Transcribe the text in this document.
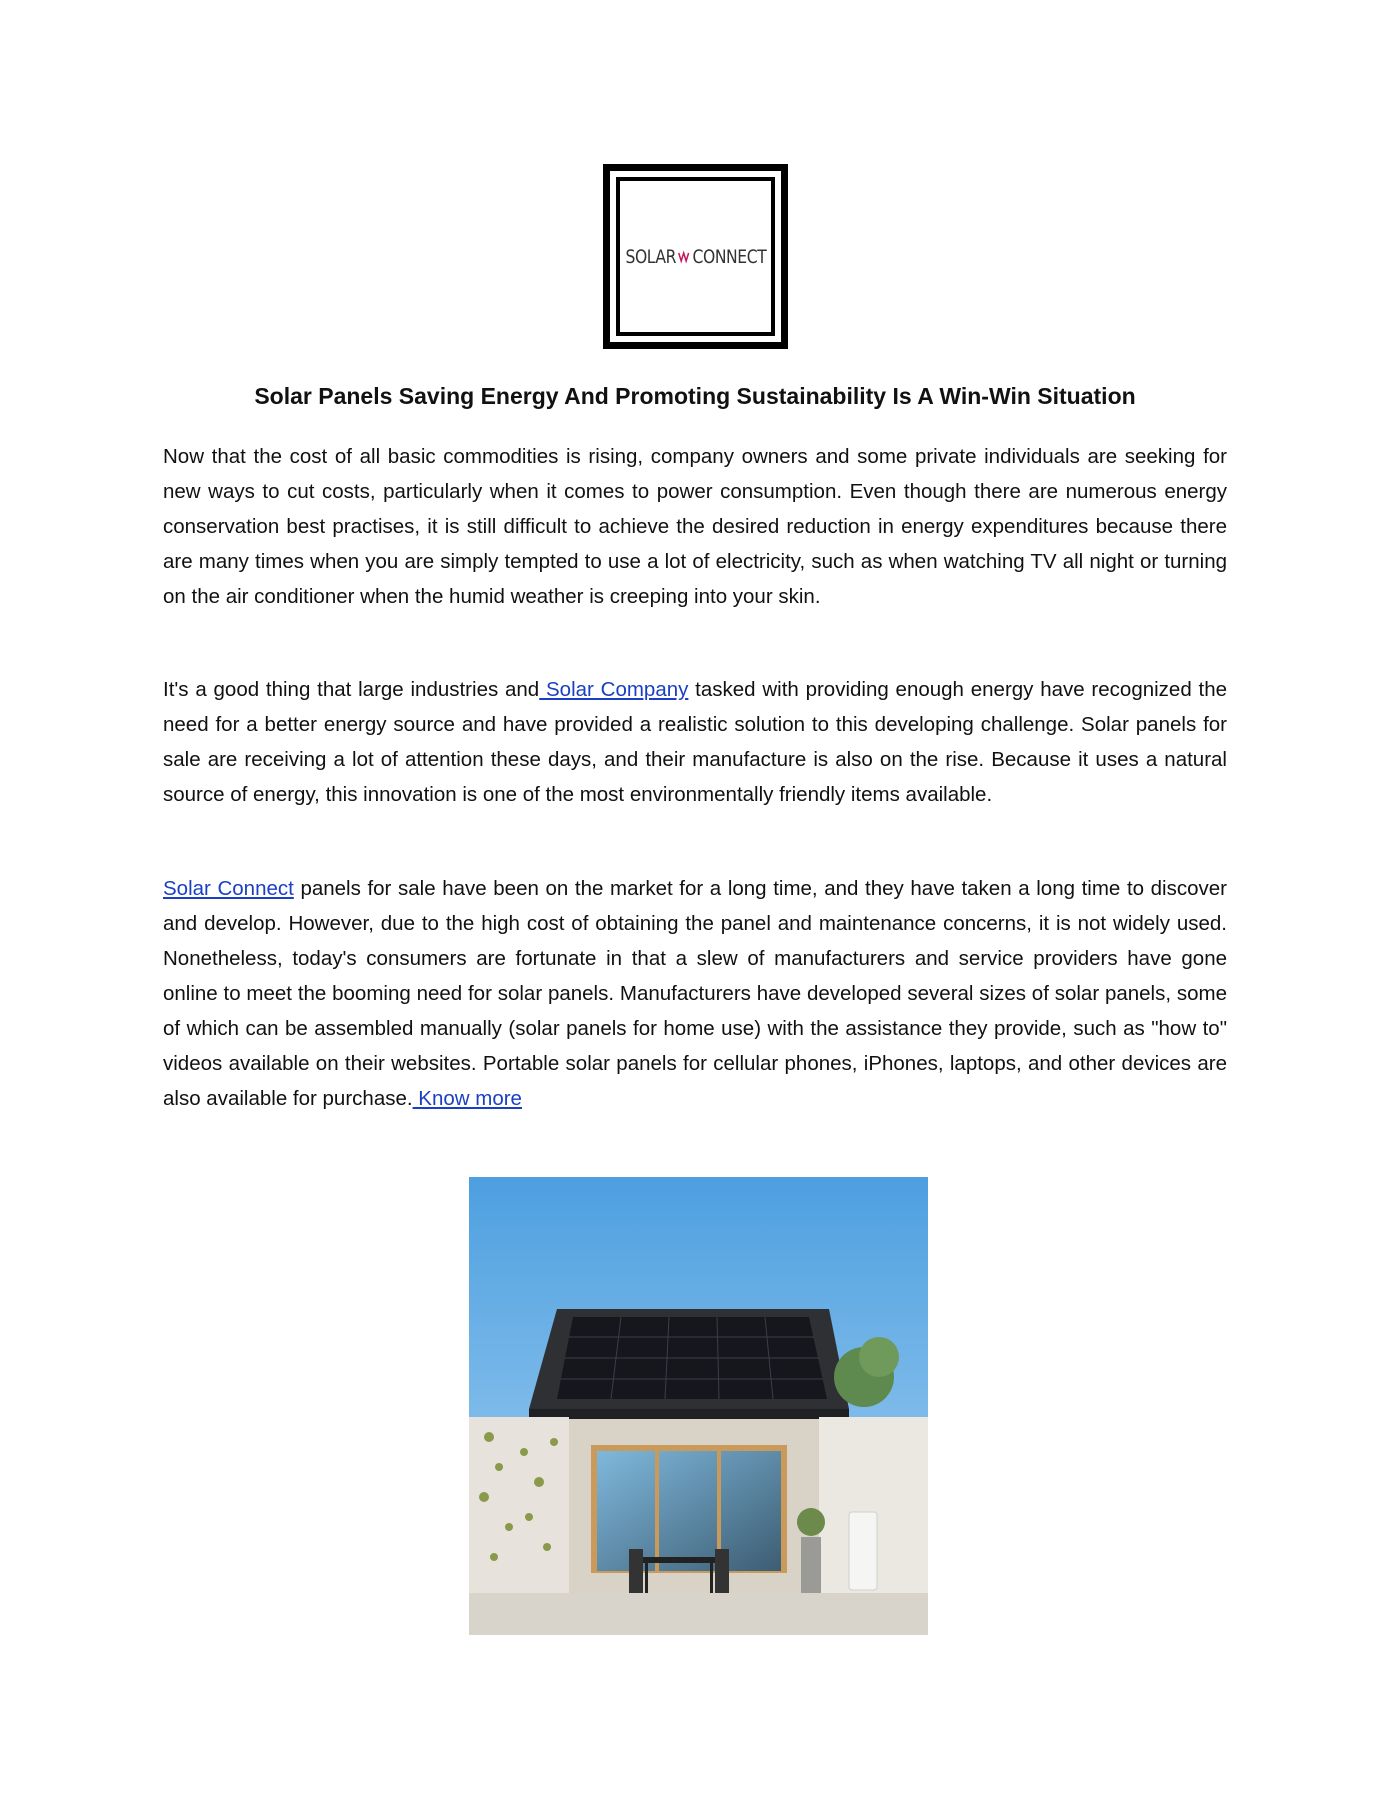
SOLAR CONNECT
Solar Panels Saving Energy And Promoting Sustainability Is A Win-Win Situation

Now that the cost of all basic commodities is rising, company owners and some private individuals are seeking for new ways to cut costs, particularly when it comes to power consumption. Even though there are numerous energy conservation best practises, it is still difficult to achieve the desired reduction in energy expenditures because there are many times when you are simply tempted to use a lot of electricity, such as when watching TV all night or turning on the air conditioner when the humid weather is creeping into your skin.

It's a good thing that large industries and Solar Company tasked with providing enough energy have recognized the need for a better energy source and have provided a realistic solution to this developing challenge. Solar panels for sale are receiving a lot of attention these days, and their manufacture is also on the rise. Because it uses a natural source of energy, this innovation is one of the most environmentally friendly items available.

Solar Connect panels for sale have been on the market for a long time, and they have taken a long time to discover and develop. However, due to the high cost of obtaining the panel and maintenance concerns, it is not widely used. Nonetheless, today's consumers are fortunate in that a slew of manufacturers and service providers have gone online to meet the booming need for solar panels. Manufacturers have developed several sizes of solar panels, some of which can be assembled manually (solar panels for home use) with the assistance they provide, such as "how to" videos available on their websites. Portable solar panels for cellular phones, iPhones, laptops, and other devices are also available for purchase. Know more
